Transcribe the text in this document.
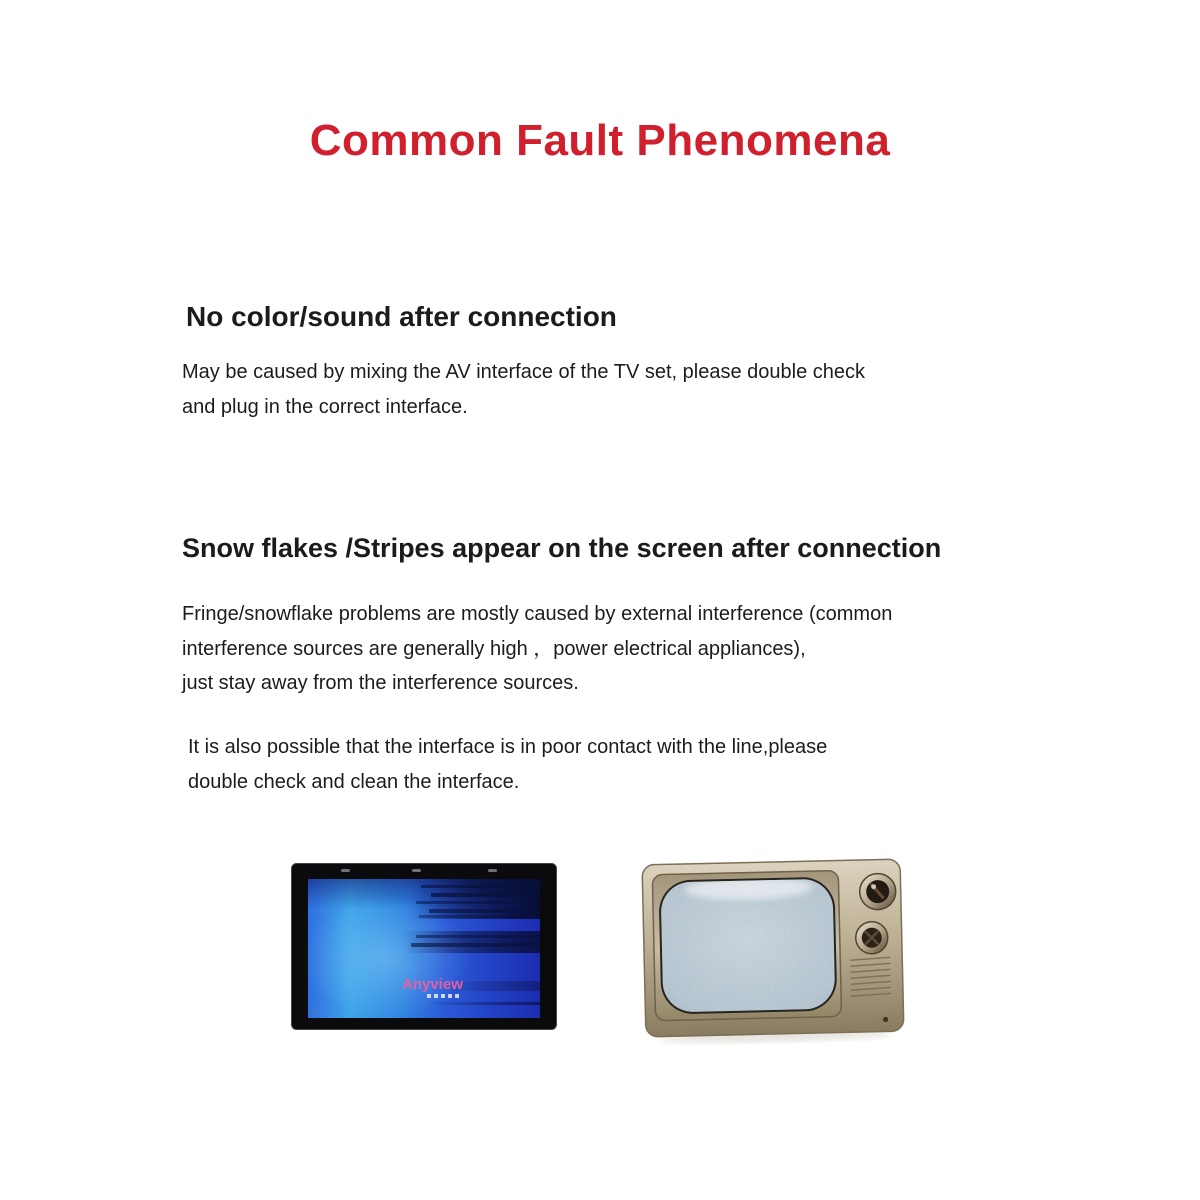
Common Fault Phenomena
No color/sound after connection
May be caused by mixing the AV interface of the TV set, please double check
and plug in the correct interface.
Snow flakes /Stripes appear on the screen after connection
Fringe/snowflake problems are mostly caused by external interference (common
interference sources are generally high ，power electrical appliances),
just stay away from the interference sources.
It is also possible that the interface is in poor contact with the line,please
double check and clean the interface.
Anyview
